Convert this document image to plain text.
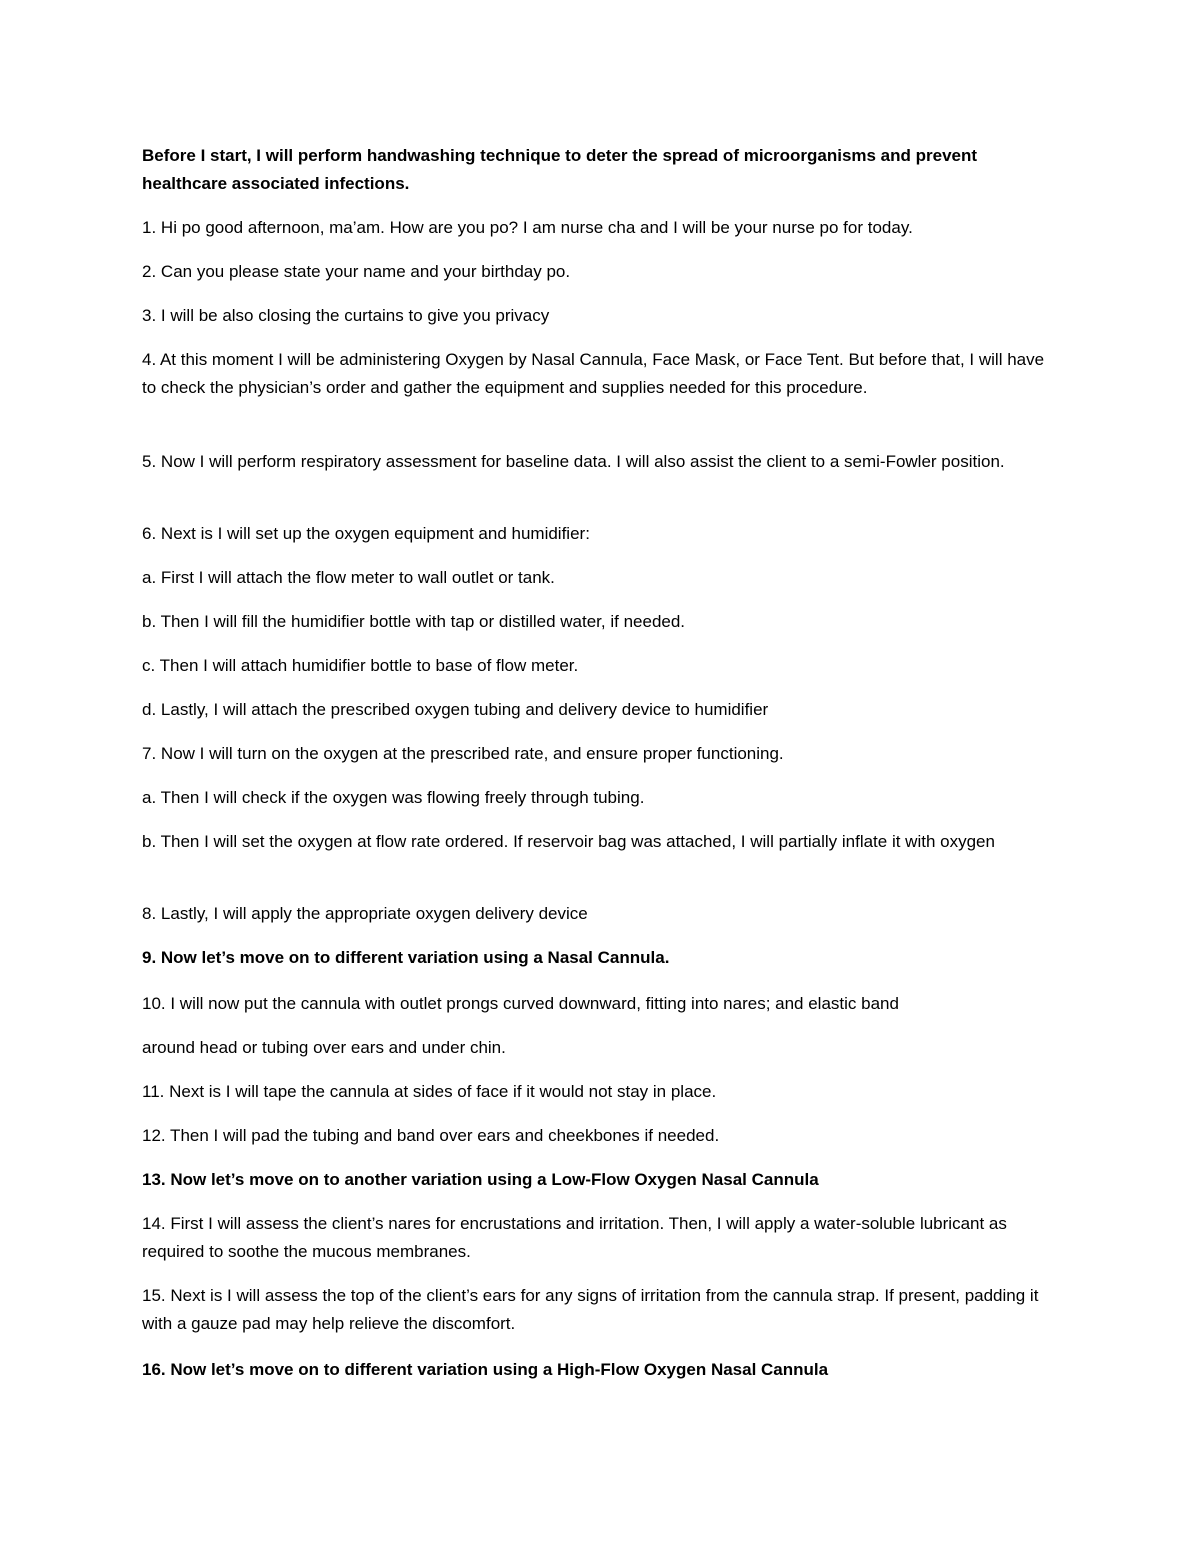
Before I start, I will perform handwashing technique to deter the spread of microorganisms and prevent healthcare associated infections.

1. Hi po good afternoon, ma’am. How are you po? I am nurse cha and I will be your nurse po for today.

2. Can you please state your name and your birthday po.

3. I will be also closing the curtains to give you privacy

4. At this moment I will be administering Oxygen by Nasal Cannula, Face Mask, or Face Tent. But before that, I will have to check the physician’s order and gather the equipment and supplies needed for this procedure.

5. Now I will perform respiratory assessment for baseline data. I will also assist the client to a semi-Fowler position.

6. Next is I will set up the oxygen equipment and humidifier:

a. First I will attach the flow meter to wall outlet or tank.

b. Then I will fill the humidifier bottle with tap or distilled water, if needed.

c. Then I will attach humidifier bottle to base of flow meter.

d. Lastly, I will attach the prescribed oxygen tubing and delivery device to humidifier

7. Now I will turn on the oxygen at the prescribed rate, and ensure proper functioning.

a. Then I will check if the oxygen was flowing freely through tubing.

b. Then I will set the oxygen at flow rate ordered. If reservoir bag was attached, I will partially inflate it with oxygen

8. Lastly, I will apply the appropriate oxygen delivery device

9. Now let’s move on to different variation using a Nasal Cannula.

10. I will now put the cannula with outlet prongs curved downward, fitting into nares; and elastic band

around head or tubing over ears and under chin.

11. Next is I will tape the cannula at sides of face if it would not stay in place.

12. Then I will pad the tubing and band over ears and cheekbones if needed.

13. Now let’s move on to another variation using a Low-Flow Oxygen Nasal Cannula

14. First I will assess the client’s nares for encrustations and irritation. Then, I will apply a water-soluble lubricant as required to soothe the mucous membranes.

15. Next is I will assess the top of the client’s ears for any signs of irritation from the cannula strap. If present, padding it with a gauze pad may help relieve the discomfort.

16. Now let’s move on to different variation using a High-Flow Oxygen Nasal Cannula
